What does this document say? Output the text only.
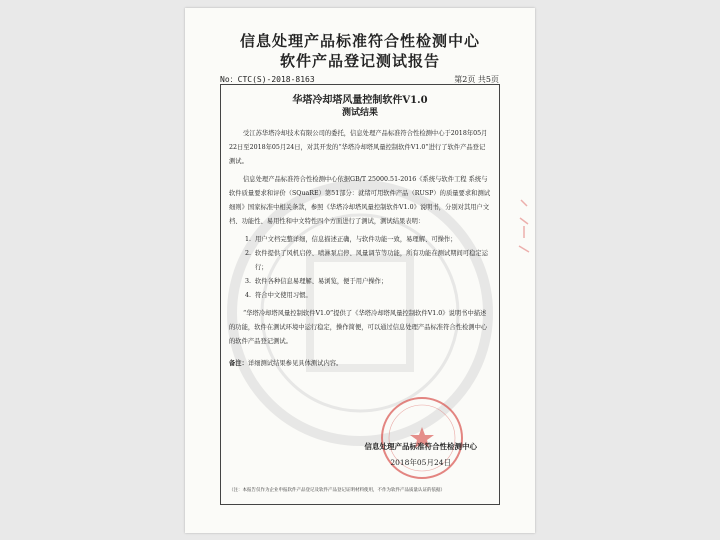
信息处理产品标准符合性检测中心
软件产品登记测试报告
No：CTC(S)-2018-8163	第2页 共5页
华塔冷却塔风量控制软件V1.0
测试结果

受江苏华塔冷却技术有限公司的委托，信息处理产品标准符合性检测中心于2018年05月22日至2018年05月24日，对其开发的“华塔冷却塔风量控制软件V1.0”进行了软件产品登记测试。

信息处理产品标准符合性检测中心依据GB/T 25000.51-2016《系统与软件工程 系统与软件质量要求和评价（SQuaRE）第51部分：就绪可用软件产品（RUSP）的质量要求和测试细则》国家标准中相关条款，参照《华塔冷却塔风量控制软件V1.0》说明书，分别对其用户文档、功能性、易用性和中文特性四个方面进行了测试，测试结果表明：

1. 用户文档完整详细，信息描述正确，与软件功能一致，易理解、可操作；
2. 软件提供了风机启停、喷淋泵启停、风量调节等功能，所有功能在测试期间可稳定运行；
3. 软件各种信息易理解、易浏览，便于用户操作；
4. 符合中文使用习惯。

“华塔冷却塔风量控制软件V1.0”提供了《华塔冷却塔风量控制软件V1.0》说明书中描述的功能，软件在测试环境中运行稳定，操作简便，可以通过信息处理产品标准符合性检测中心的软件产品登记测试。

备注：详细测试结果参见具体测试内容。

信息处理产品标准符合性检测中心
2018年05月24日
（注：本报告仅作为企业申报软件产品登记及软件产品登记证明材料使用，不作为软件产品质量认证的依据）
